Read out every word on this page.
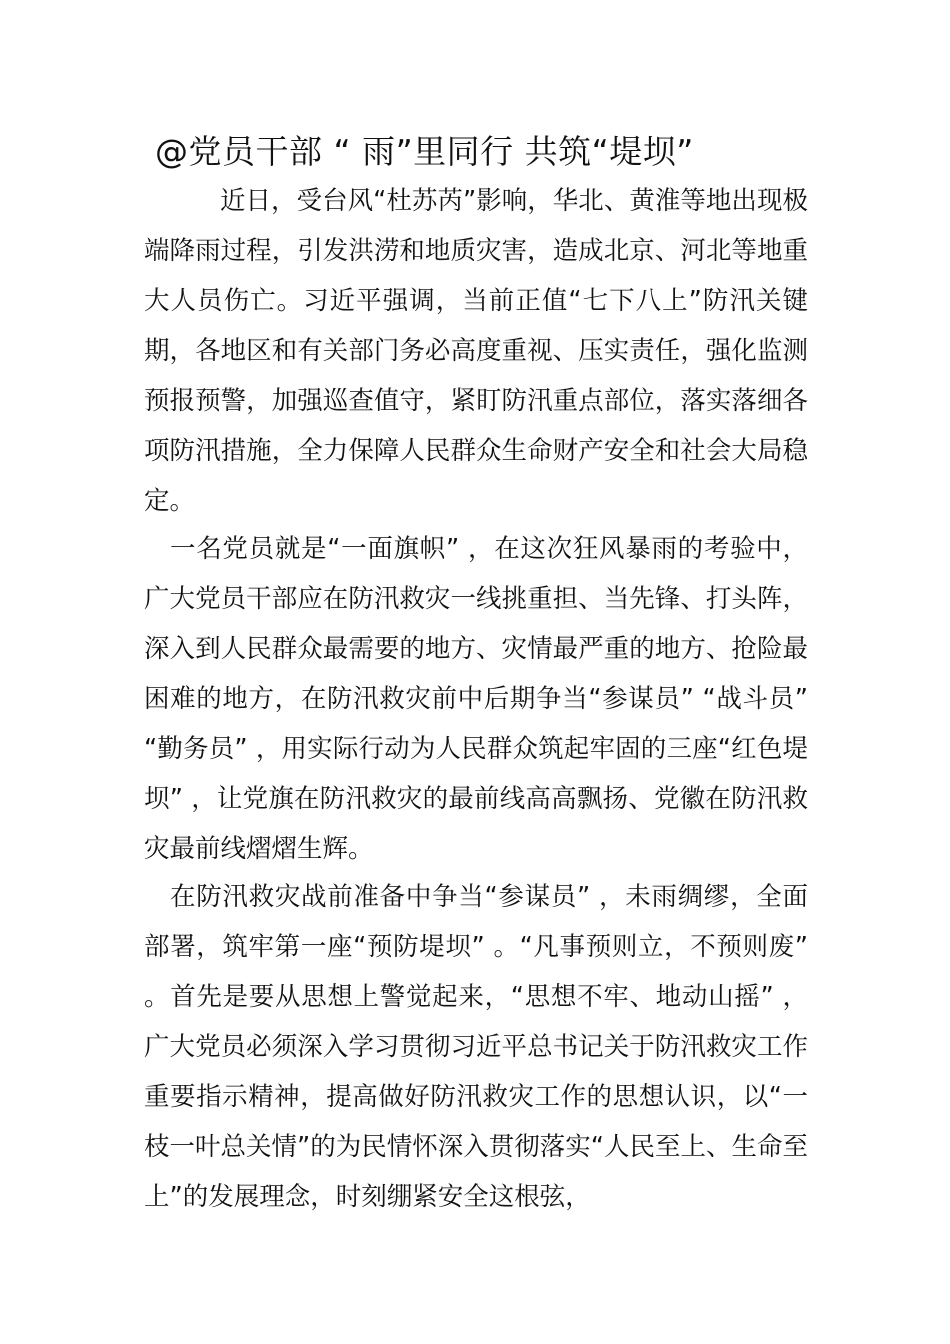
@党员干部 “ 雨”里同行 共筑“堤坝”

近日，受台风“杜苏芮”影响，华北、黄淮等地出现极端降雨过程，引发洪涝和地质灾害，造成北京、河北等地重大人员伤亡。习近平强调，当前正值“七下八上”防汛关键期，各地区和有关部门务必高度重视、压实责任，强化监测预报预警，加强巡查值守，紧盯防汛重点部位，落实落细各项防汛措施，全力保障人民群众生命财产安全和社会大局稳定。

一名党员就是“一面旗帜” ，在这次狂风暴雨的考验中，广大党员干部应在防汛救灾一线挑重担、当先锋、打头阵，深入到人民群众最需要的地方、灾情最严重的地方、抢险最困难的地方，在防汛救灾前中后期争当“参谋员” “战斗员” “勤务员” ，用实际行动为人民群众筑起牢固的三座“红色堤坝” ，让党旗在防汛救灾的最前线高高飘扬、党徽在防汛救灾最前线熠熠生辉。

在防汛救灾战前准备中争当“参谋员” ，未雨绸缪，全面部署，筑牢第一座“预防堤坝” 。“凡事预则立，不预则废” 。首先是要从思想上警觉起来，“思想不牢、地动山摇” ，广大党员必须深入学习贯彻习近平总书记关于防汛救灾工作重要指示精神，提高做好防汛救灾工作的思想认识，以“一枝一叶总关情”的为民情怀深入贯彻落实“人民至上、生命至上”的发展理念，时刻绷紧安全这根弦，
